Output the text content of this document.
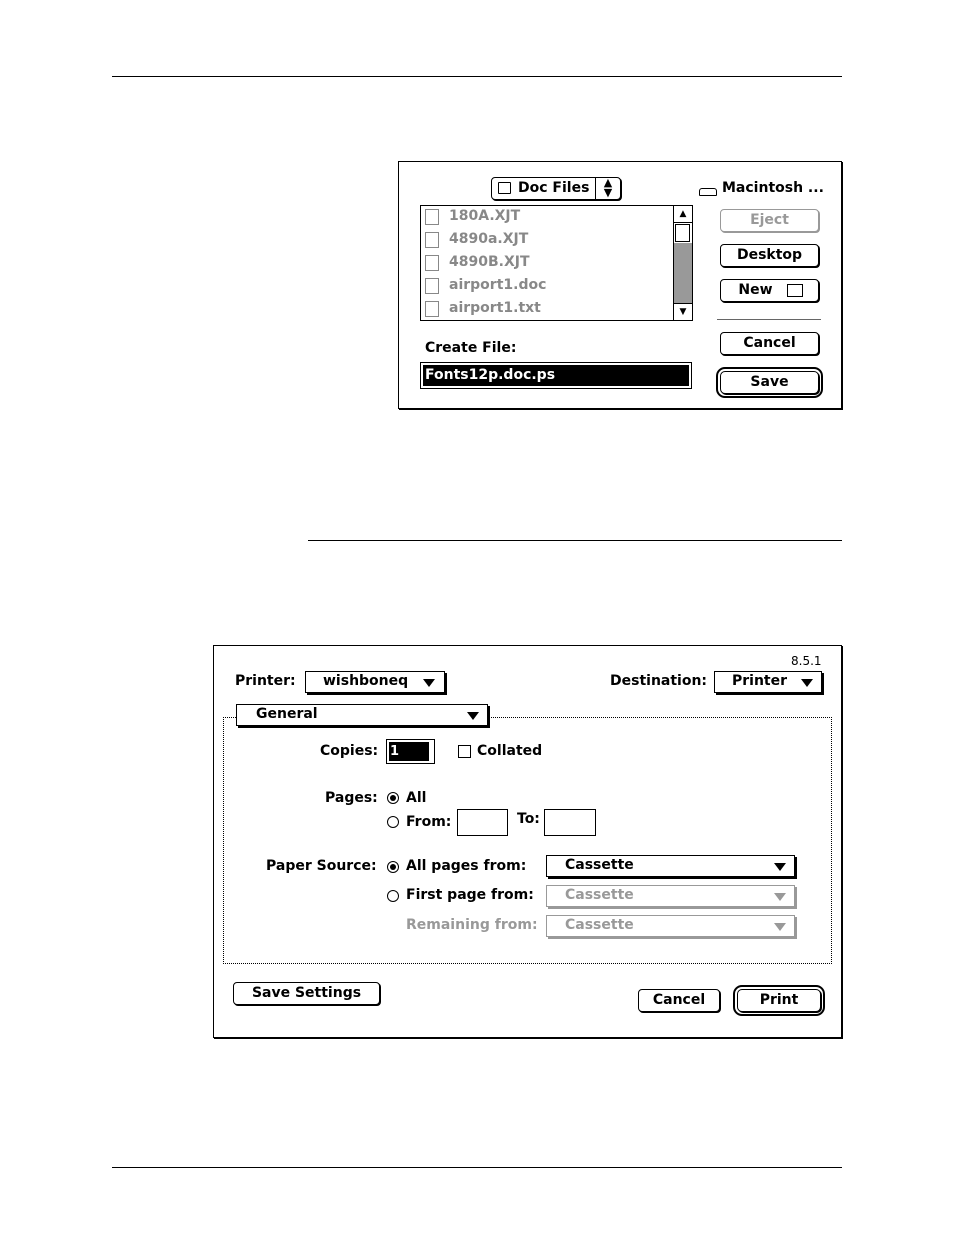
Doc Files	▲
▼	Macintosh ...
180A.XJT
4890a.XJT
4890B.XJT
airport1.doc
airport1.txt
▲
▼
Eject
Desktop
New
Cancel
Save
Create File:
Fonts12p.doc.ps
8.5.1
Printer: wishboneq	Destination: Printer
General
Copies: 1	Collated
Pages: All
From:	To:
Paper Source: All pages from:	Cassette
First page from: Cassette
Remaining from: Cassette
Save Settings	Cancel	Print
